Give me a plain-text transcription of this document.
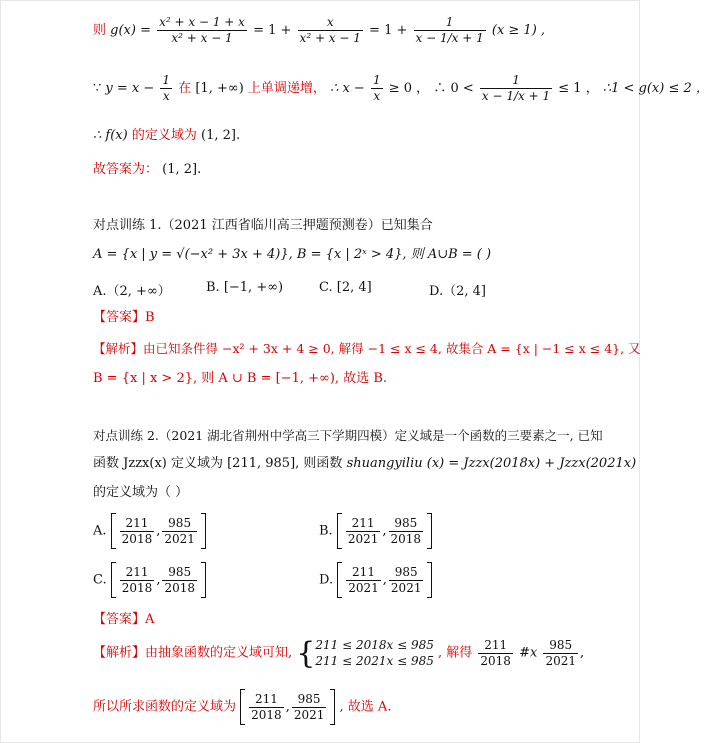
则 $g(x) = \frac{\text{x² + x − 1 + x}}{\text{x² + x − 1}} = 1 + \frac{x}{\text{x² + x − 1}} = 1 + \frac{1}{x - 1/x + 1} (x \ge 1)$ ,
∵ $y = x - \frac{1}{x}$ 在 [1, +∞) 上单调递增， ∴ $x - \frac{1}{x} \ge 0$ ， ∴ $0 < \frac{1}{x - 1/x + 1} \le 1$ ， ∴1 < g(x) ≤ 2 ，
∴ f(x) 的定义域为 (1, 2].
故答案为： (1, 2].
对点训练 1.（2021 江西省临川高三押题预测卷）已知集合
A = {x | y = √(−x² + 3x + 4)}, B = {x | 2ˣ > 4}, 则 A∪B = ( )
A.（2, +∞）	B. [−1, +∞)	C. [2, 4]	D.（2, 4]
【答案】B
【解析】由已知条件得 −x² + 3x + 4 ≥ 0, 解得 −1 ≤ x ≤ 4, 故集合 A = {x | −1 ≤ x ≤ 4}, 又
B = {x | x > 2}, 则 A ∪ B = [−1, +∞), 故选 B.
对点训练 2.（2021 湖北省荆州中学高三下学期四模）定义域是一个函数的三要素之一, 已知
函数 Jzzx(x) 定义域为 [211, 985], 则函数 shuangyiliu (x) = Jzzx(2018x) + Jzzx(2021x)
的定义域为（ ）
A. $\frac{211}{2018}$ , $\frac{985}{2021}$	B. $\frac{211}{2021}$ , $\frac{985}{2018}$
C. $\frac{211}{2018}$ , $\frac{985}{2018}$	D. $\frac{211}{2021}$ , $\frac{985}{2021}$
【答案】A
【解析】由抽象函数的定义域可知, {211 ≤ 2018x ≤ 985
211 ≤ 2021x ≤ 985 , 解得 $\frac{211}{2018}$ #x $\frac{985}{2021}$ ,
所以所求函数的定义域为 $\frac{211}{2018}$ , $\frac{985}{2021}$ , 故选 A.
